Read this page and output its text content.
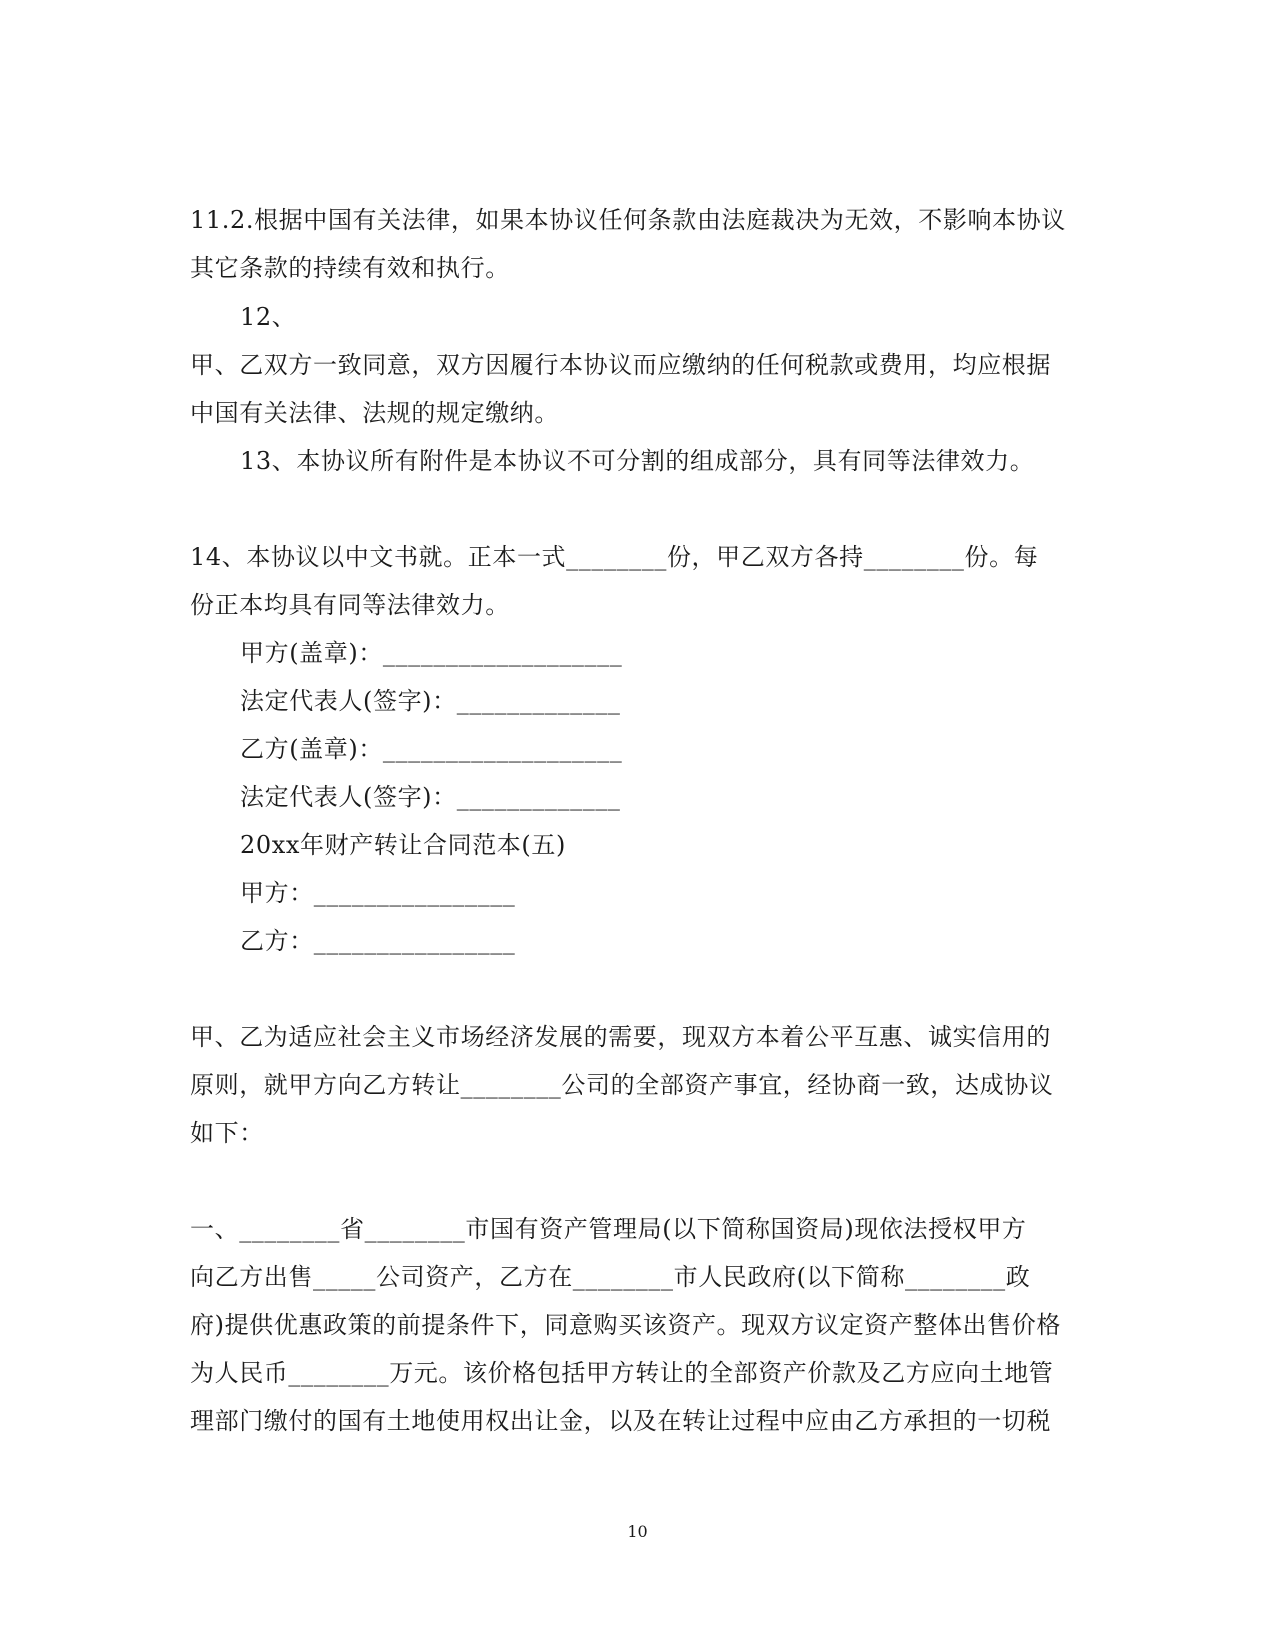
11.2.根据中国有关法律，如果本协议任何条款由法庭裁决为无效，不影响本协议
其它条款的持续有效和执行。
12、
甲、乙双方一致同意，双方因履行本协议而应缴纳的任何税款或费用，均应根据
中国有关法律、法规的规定缴纳。
13、本协议所有附件是本协议不可分割的组成部分，具有同等法律效力。
14、本协议以中文书就。正本一式________份，甲乙双方各持________份。每
份正本均具有同等法律效力。
甲方(盖章)：___________________
法定代表人(签字)：_____________
乙方(盖章)：___________________
法定代表人(签字)：_____________
20xx年财产转让合同范本(五)
甲方：________________
乙方：________________
甲、乙为适应社会主义市场经济发展的需要，现双方本着公平互惠、诚实信用的
原则，就甲方向乙方转让________公司的全部资产事宜，经协商一致，达成协议
如下：
一、________省________市国有资产管理局(以下简称国资局)现依法授权甲方
向乙方出售_____公司资产，乙方在________市人民政府(以下简称________政
府)提供优惠政策的前提条件下，同意购买该资产。现双方议定资产整体出售价格
为人民币________万元。该价格包括甲方转让的全部资产价款及乙方应向土地管
理部门缴付的国有土地使用权出让金，以及在转让过程中应由乙方承担的一切税
10
